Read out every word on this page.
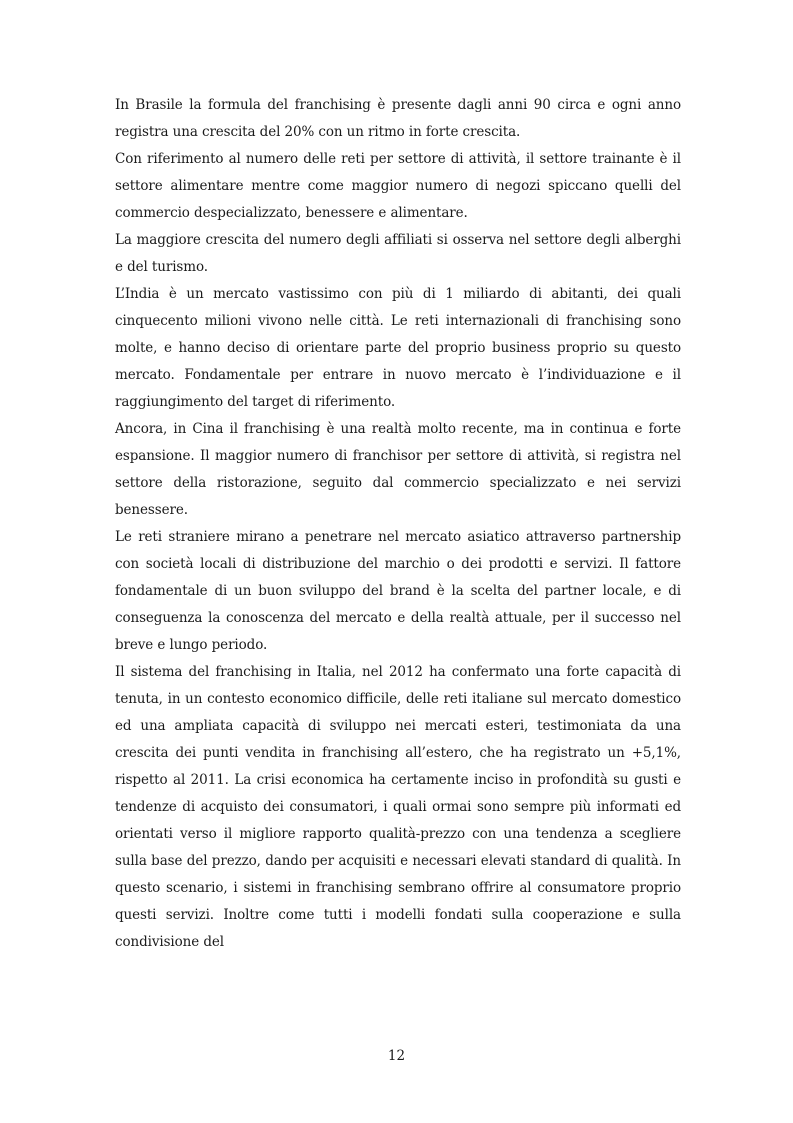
In Brasile la formula del franchising è presente dagli anni 90 circa e ogni anno registra una crescita del 20% con un ritmo in forte crescita.

Con riferimento al numero delle reti per settore di attività, il settore trainante è il settore alimentare mentre come maggior numero di negozi spiccano quelli del commercio despecializzato, benessere e alimentare.

La maggiore crescita del numero degli affiliati si osserva nel settore degli alberghi e del turismo.

L’India è un mercato vastissimo con più di 1 miliardo di abitanti, dei quali cinquecento milioni vivono nelle città. Le reti internazionali di franchising sono molte, e hanno deciso di orientare parte del proprio business proprio su questo mercato. Fondamentale per entrare in nuovo mercato è l’individuazione e il raggiungimento del target di riferimento.

Ancora, in Cina il franchising è una realtà molto recente, ma in continua e forte espansione. Il maggior numero di franchisor per settore di attività, si registra nel settore della ristorazione, seguito dal commercio specializzato e nei servizi benessere.

Le reti straniere mirano a penetrare nel mercato asiatico attraverso partnership con società locali di distribuzione del marchio o dei prodotti e servizi. Il fattore fondamentale di un buon sviluppo del brand è la scelta del partner locale, e di conseguenza la conoscenza del mercato e della realtà attuale, per il successo nel breve e lungo periodo.

Il sistema del franchising in Italia, nel 2012 ha confermato una forte capacità di tenuta, in un contesto economico difficile, delle reti italiane sul mercato domestico ed una ampliata capacità di sviluppo nei mercati esteri, testimoniata da una crescita dei punti vendita in franchising all’estero, che ha registrato un +5,1%, rispetto al 2011. La crisi economica ha certamente inciso in profondità su gusti e tendenze di acquisto dei consumatori, i quali ormai sono sempre più informati ed orientati verso il migliore rapporto qualità-prezzo con una tendenza a scegliere sulla base del prezzo, dando per acquisiti e necessari elevati standard di qualità. In questo scenario, i sistemi in franchising sembrano offrire al consumatore proprio questi servizi. Inoltre come tutti i modelli fondati sulla cooperazione e sulla condivisione del

12
